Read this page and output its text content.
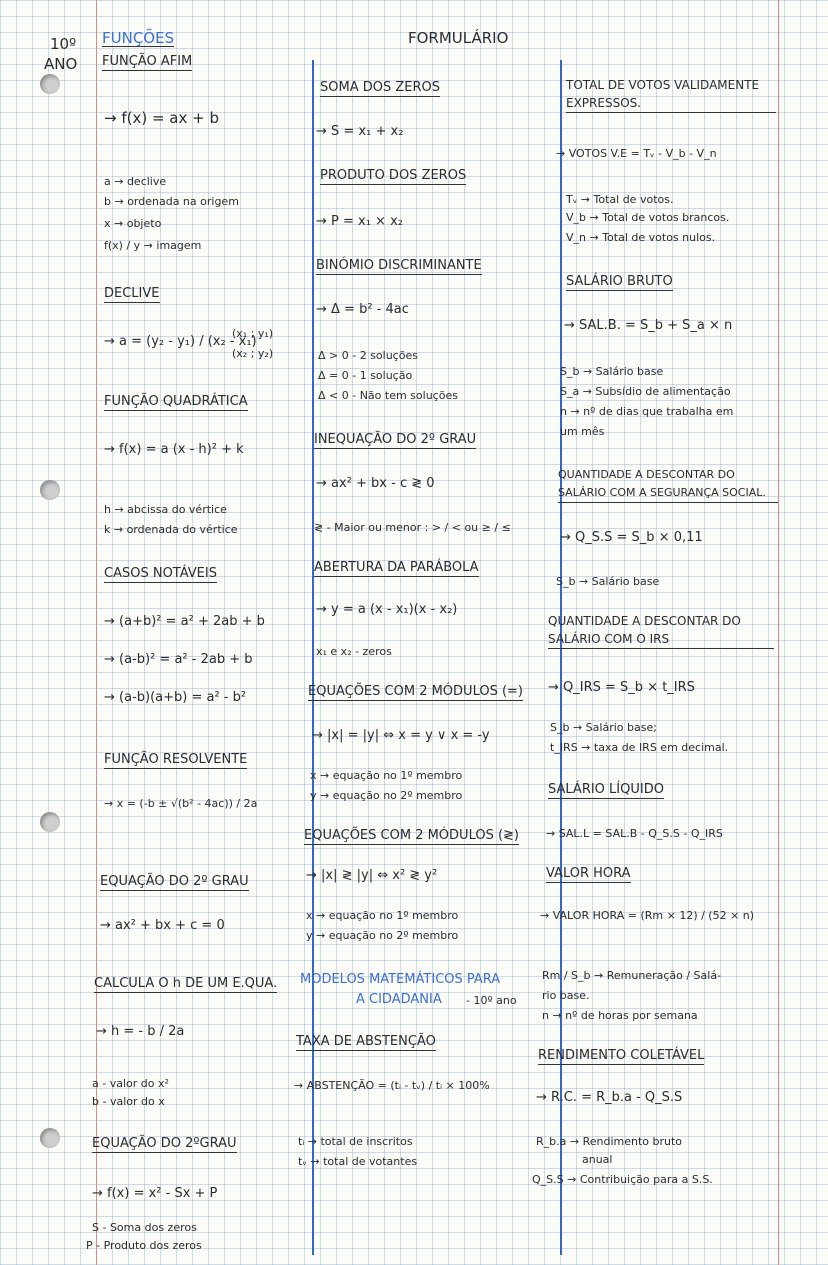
10º
ANO
FUNÇÕES	FORMULÁRIO
FUNÇÃO AFIM
→ f(x) = ax + b
a → declive
b → ordenada na origem
x → objeto
f(x) / y → imagem
DECLIVE
→ a = (y₂ - y₁) / (x₂ - x₁)
(x₁ ; y₁)
(x₂ ; y₂)
FUNÇÃO QUADRÁTICA
→ f(x) = a (x - h)² + k
h → abcissa do vértice
k → ordenada do vértice
CASOS NOTÁVEIS
→ (a+b)² = a² + 2ab + b
→ (a-b)² = a² - 2ab + b
→ (a-b)(a+b) = a² - b²
FUNÇÃO RESOLVENTE
→ x = (-b ± √(b² - 4ac)) / 2a
EQUAÇÃO DO 2º GRAU
→ ax² + bx + c = 0
CALCULA O h DE UM E.QUA.
→ h = - b / 2a
a - valor do x²
b - valor do x
EQUAÇÃO DO 2ºGRAU
→ f(x) = x² - Sx + P
S - Soma dos zeros
P - Produto dos zeros
SOMA DOS ZEROS
→ S = x₁ + x₂
PRODUTO DOS ZEROS
→ P = x₁ × x₂
BINÓMIO DISCRIMINANTE
→ Δ = b² - 4ac
Δ > 0 - 2 soluções
Δ = 0 - 1 solução
Δ < 0 - Não tem soluções
INEQUAÇÃO DO 2º GRAU
→ ax² + bx - c ≷ 0
≷ - Maior ou menor : > / < ou ≥ / ≤
ABERTURA DA PARÁBOLA
→ y = a (x - x₁)(x - x₂)
x₁ e x₂ - zeros
EQUAÇÕES COM 2 MÓDULOS (=)
→ |x| = |y| ⇔ x = y ∨ x = -y
x → equação no 1º membro
y → equação no 2º membro
EQUAÇÕES COM 2 MÓDULOS (≷)
→ |x| ≷ |y| ⇔ x² ≷ y²
x → equação no 1º membro
y → equação no 2º membro
MODELOS MATEMÁTICOS PARA
A CIDADANIA - 10º ano
TAXA DE ABSTENÇÃO
→ ABSTENÇÃO = (tᵢ - tᵥ) / tᵢ × 100%
tᵢ → total de inscritos
tᵥ → total de votantes
TOTAL DE VOTOS VALIDAMENTE EXPRESSOS.
→ VOTOS V.E = Tᵥ - V_b - V_n
Tᵥ → Total de votos.
V_b → Total de votos brancos.
V_n → Total de votos nulos.
SALÁRIO BRUTO
→ SAL.B. = S_b + S_a × n
S_b → Salário base
S_a → Subsídio de alimentação
n → nº de dias que trabalha em
um mês
QUANTIDADE A DESCONTAR DO SALÁRIO COM A SEGURANÇA SOCIAL.
→ Q_S.S = S_b × 0,11
S_b → Salário base
QUANTIDADE A DESCONTAR DO SALÁRIO COM O IRS
→ Q_IRS = S_b × t_IRS
S_b → Salário base;
t_IRS → taxa de IRS em decimal.
SALÁRIO LÍQUIDO
→ SAL.L = SAL.B - Q_S.S - Q_IRS
VALOR HORA
→ VALOR HORA = (Rm × 12) / (52 × n)
Rm / S_b → Remuneração / Salá-
rio base.
n → nº de horas por semana
RENDIMENTO COLETÁVEL
→ R.C. = R_b.a - Q_S.S
R_b.a → Rendimento bruto
anual
Q_S.S → Contribuição para a S.S.
